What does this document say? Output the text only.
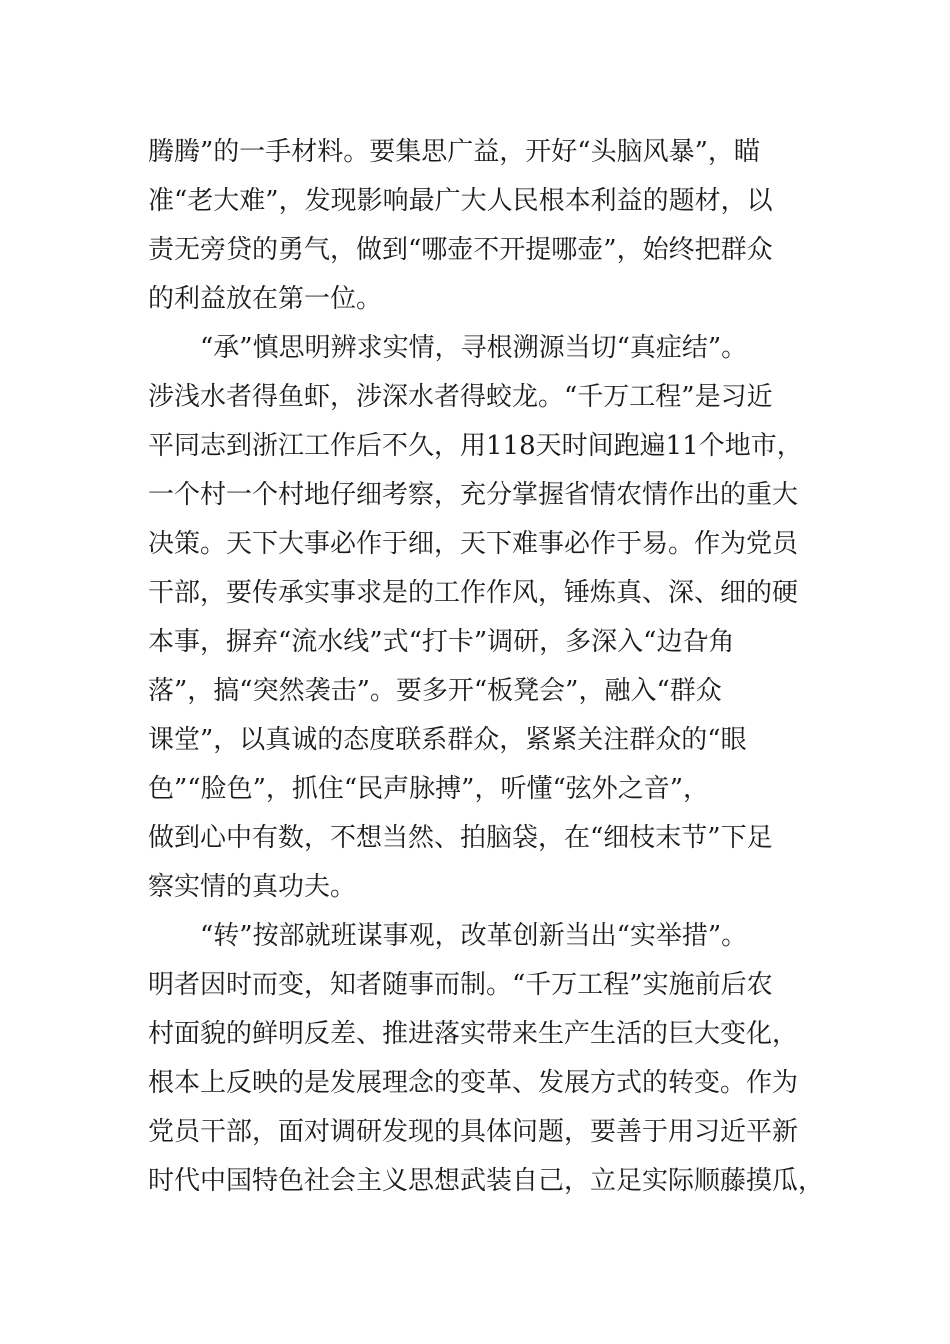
腾腾”的一手材料。要集思广益，开好“头脑风暴”，瞄
准“老大难”，发现影响最广大人民根本利益的题材，以
责无旁贷的勇气，做到“哪壶不开提哪壶”，始终把群众
的利益放在第一位。
“承”慎思明辨求实情，寻根溯源当切“真症结”。
涉浅水者得鱼虾，涉深水者得蛟龙。“千万工程”是习近
平同志到浙江工作后不久，用118天时间跑遍11个地市，
一个村一个村地仔细考察，充分掌握省情农情作出的重大
决策。天下大事必作于细，天下难事必作于易。作为党员
干部，要传承实事求是的工作作风，锤炼真、深、细的硬
本事，摒弃“流水线”式“打卡”调研，多深入“边旮角
落”，搞“突然袭击”。要多开“板凳会”，融入“群众
课堂”，以真诚的态度联系群众，紧紧关注群众的“眼
色”“脸色”，抓住“民声脉搏”，听懂“弦外之音”，
做到心中有数，不想当然、拍脑袋，在“细枝末节”下足
察实情的真功夫。
“转”按部就班谋事观，改革创新当出“实举措”。
明者因时而变，知者随事而制。“千万工程”实施前后农
村面貌的鲜明反差、推进落实带来生产生活的巨大变化，
根本上反映的是发展理念的变革、发展方式的转变。作为
党员干部，面对调研发现的具体问题，要善于用习近平新
时代中国特色社会主义思想武装自己，立足实际顺藤摸瓜，
